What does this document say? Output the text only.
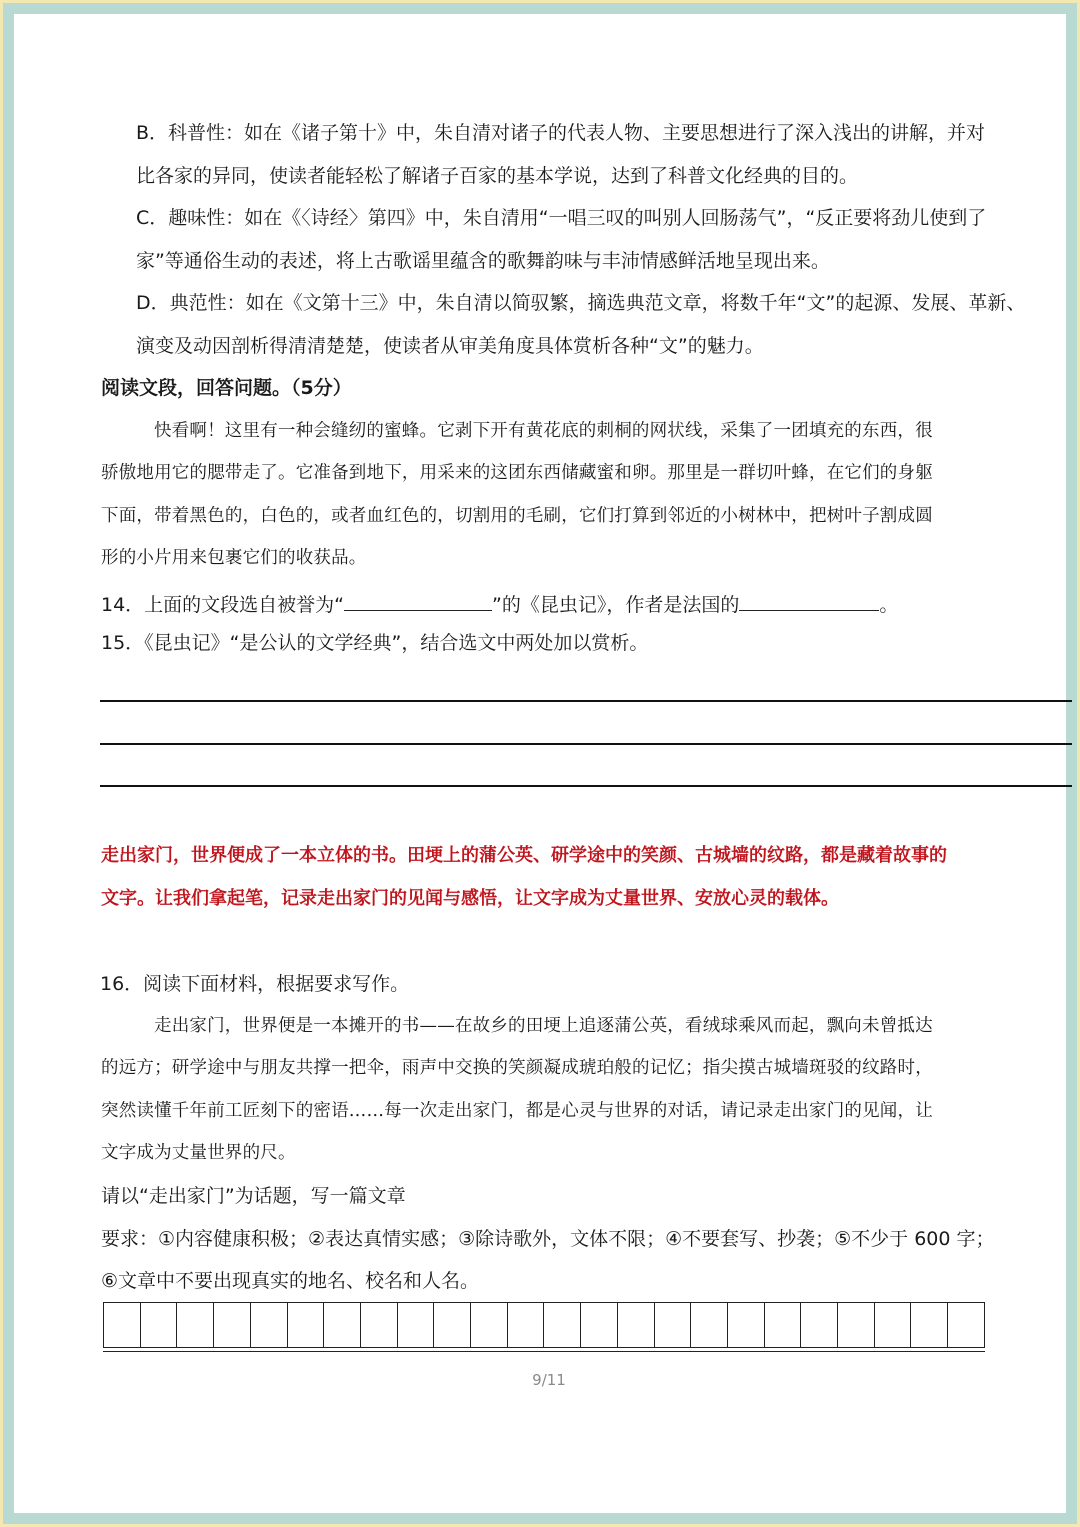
B．科普性：如在《诸子第十》中，朱自清对诸子的代表人物、主要思想进行了深入浅出的讲解，并对
比各家的异同，使读者能轻松了解诸子百家的基本学说，达到了科普文化经典的目的。
C．趣味性：如在《〈诗经〉第四》中，朱自清用“一唱三叹的叫别人回肠荡气”，“反正要将劲儿使到了
家”等通俗生动的表述，将上古歌谣里蕴含的歌舞韵味与丰沛情感鲜活地呈现出来。
D．典范性：如在《文第十三》中，朱自清以简驭繁，摘选典范文章，将数千年“文”的起源、发展、革新、
演变及动因剖析得清清楚楚，使读者从审美角度具体赏析各种“文”的魅力。
阅读文段，回答问题。（5分）
快看啊！这里有一种会缝纫的蜜蜂。它剥下开有黄花底的刺桐的网状线，采集了一团填充的东西，很
骄傲地用它的腮带走了。它准备到地下，用采来的这团东西储藏蜜和卵。那里是一群切叶蜂，在它们的身躯
下面，带着黑色的，白色的，或者血红色的，切割用的毛刷，它们打算到邻近的小树林中，把树叶子割成圆
形的小片用来包裹它们的收获品。
14．上面的文段选自被誉为“	”的《昆虫记》，作者是法国的	。
15．《昆虫记》“是公认的文学经典”，结合选文中两处加以赏析。
走出家门，世界便成了一本立体的书。田埂上的蒲公英、研学途中的笑颜、古城墙的纹路，都是藏着故事的
文字。让我们拿起笔，记录走出家门的见闻与感悟，让文字成为丈量世界、安放心灵的载体。
16．阅读下面材料，根据要求写作。
走出家门，世界便是一本摊开的书——在故乡的田埂上追逐蒲公英，看绒球乘风而起，飘向未曾抵达
的远方；研学途中与朋友共撑一把伞，雨声中交换的笑颜凝成琥珀般的记忆；指尖摸古城墙斑驳的纹路时，
突然读懂千年前工匠刻下的密语……每一次走出家门，都是心灵与世界的对话，请记录走出家门的见闻，让
文字成为丈量世界的尺。
请以“走出家门”为话题，写一篇文章
要求：①内容健康积极；②表达真情实感；③除诗歌外，文体不限；④不要套写、抄袭；⑤不少于 600 字；
⑥文章中不要出现真实的地名、校名和人名。
9/11
